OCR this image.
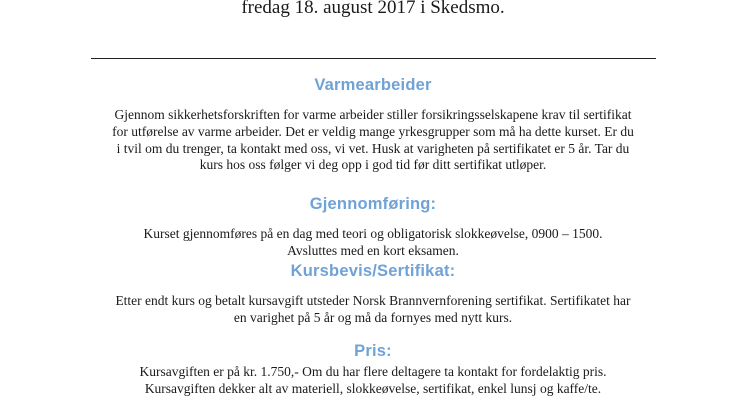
fredag 18. august 2017 i Skedsmo.
Varmearbeider
Gjennom sikkerhetsforskriften for varme arbeider stiller forsikringsselskapene krav til sertifikat
for utførelse av varme arbeider. Det er veldig mange yrkesgrupper som må ha dette kurset. Er du
i tvil om du trenger, ta kontakt med oss, vi vet. Husk at varigheten på sertifikatet er 5 år. Tar du
kurs hos oss følger vi deg opp i god tid før ditt sertifikat utløper.
Gjennomføring:
Kurset gjennomføres på en dag med teori og obligatorisk slokkeøvelse, 0900 – 1500.
Avsluttes med en kort eksamen.
Kursbevis/Sertifikat:
Etter endt kurs og betalt kursavgift utsteder Norsk Brannvernforening sertifikat. Sertifikatet har
en varighet på 5 år og må da fornyes med nytt kurs.
Pris:
Kursavgiften er på kr. 1.750,- Om du har flere deltagere ta kontakt for fordelaktig pris.
Kursavgiften dekker alt av materiell, slokkeøvelse, sertifikat, enkel lunsj og kaffe/te.
